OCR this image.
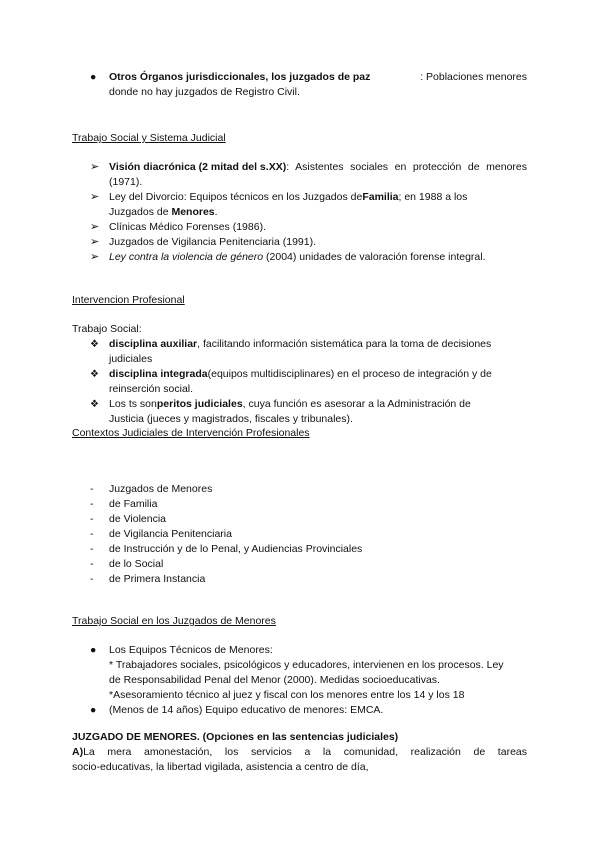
●	Otros Órganos jurisdiccionales, los juzgados de paz	: Poblaciones menores
donde no hay juzgados de Registro Civil.
Trabajo Social y Sistema Judicial
➢ Visión diacrónica (2 mitad del s.XX) : Asistentes sociales en protección de menores
(1971).
➢ Ley del Divorcio: Equipos técnicos en los Juzgados de Familia ; en 1988 a los
Juzgados de Menores.
➢ Clínicas Médico Forenses (1986).
➢ Juzgados de Vigilancia Penitenciaria (1991).
➢ Ley contra la violencia de género (2004) unidades de valoración forense integral.
Intervencion Profesional
Trabajo Social:
❖ disciplina auxiliar , facilitando información sistemática para la toma de decisiones
judiciales
❖ disciplina integrada (equipos multidisciplinares) en el proceso de integración y de
reinserción social.
❖ Los ts son peritos judiciales , cuya función es asesorar a la Administración de
Justicia (jueces y magistrados, fiscales y tribunales).
Contextos Judiciales de Intervención Profesionales
-	Juzgados de Menores
-	de Familia
-	de Violencia
-	de Vigilancia Penitenciaria
-	de Instrucción y de lo Penal, y Audiencias Provinciales
-	de lo Social
-	de Primera Instancia
Trabajo Social en los Juzgados de Menores
●	Los Equipos Técnicos de Menores:
* Trabajadores sociales, psicológicos y educadores, intervienen en los procesos. Ley
de Responsabilidad Penal del Menor (2000). Medidas socioeducativas.
*Asesoramiento técnico al juez y fiscal con los menores entre los 14 y los 18
●	(Menos de 14 años) Equipo educativo de menores: EMCA.
JUZGADO DE MENORES. (Opciones en las sentencias judiciales)
A) La mera amonestación, los servicios a la comunidad, realización de tareas
socio-educativas, la libertad vigilada, asistencia a centro de día,
